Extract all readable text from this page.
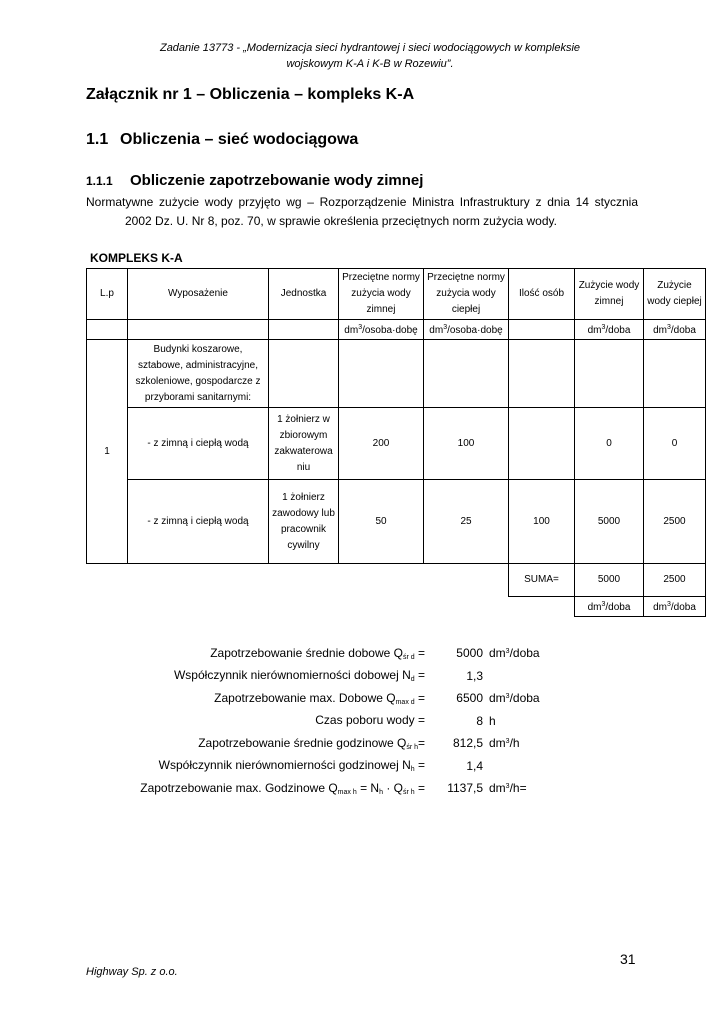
Zadanie 13773 - „Modernizacja sieci hydrantowej i sieci wodociągowych w kompleksie
wojskowym K-A i K-B w Rozewiu”.
Załącznik nr 1 – Obliczenia – kompleks K-A
1.1 Obliczenia – sieć wodociągowa
1.1.1 Obliczenie zapotrzebowanie wody zimnej
Normatywne zużycie wody przyjęto wg – Rozporządzenie Ministra Infrastruktury z dnia 14 stycznia
2002 Dz. U. Nr 8, poz. 70, w sprawie określenia przeciętnych norm zużycia wody.
KOMPLEKS K-A
L.p	Wyposażenie	Jednostka	Przeciętne normy zużycia wody zimnej	Przeciętne normy zużycia wody ciepłej	Ilość osób	Zużycie wody zimnej	Zużycie wody ciepłej
			$dm^3/osoba\cdot dobę$	$dm^3/osoba\cdot dobę$		$dm^3$/doba	$dm^3$/doba
1	Budynki koszarowe, sztabowe, administracyjne, szkoleniowe, gospodarcze z przyborami sanitarnymi:						
	- z zimną i ciepłą wodą	1 żołnierz w zbiorowym zakwaterowa niu	200	100		0	0
	- z zimną i ciepłą wodą	1 żołnierz zawodowy lub pracownik cywilny	50	25	100	5000	2500
					SUMA=	5000	2500
						$dm^3$/doba	$dm^3$/doba
Zapotrzebowanie średnie dobowe $Q_{śr d}$ =	5000	$dm^3$/doba
Współczynnik nierównomierności dobowej $N_d$ =	1,3	
Zapotrzebowanie max. Dobowe $Q_{max d}$ =	6500	$dm^3$/doba
Czas poboru wody =	8	h
Zapotrzebowanie średnie godzinowe $Q_{śr h}=$	812,5	$dm^3/h$
Współczynnik nierównomierności godzinowej $N_h$ =	1,4	
Zapotrzebowanie max. Godzinowe $Q_{max h} = N_h \cdot Q_{śr h}$ =	1137,5	$dm^3/h=$
31
Highway Sp. z o.o.
